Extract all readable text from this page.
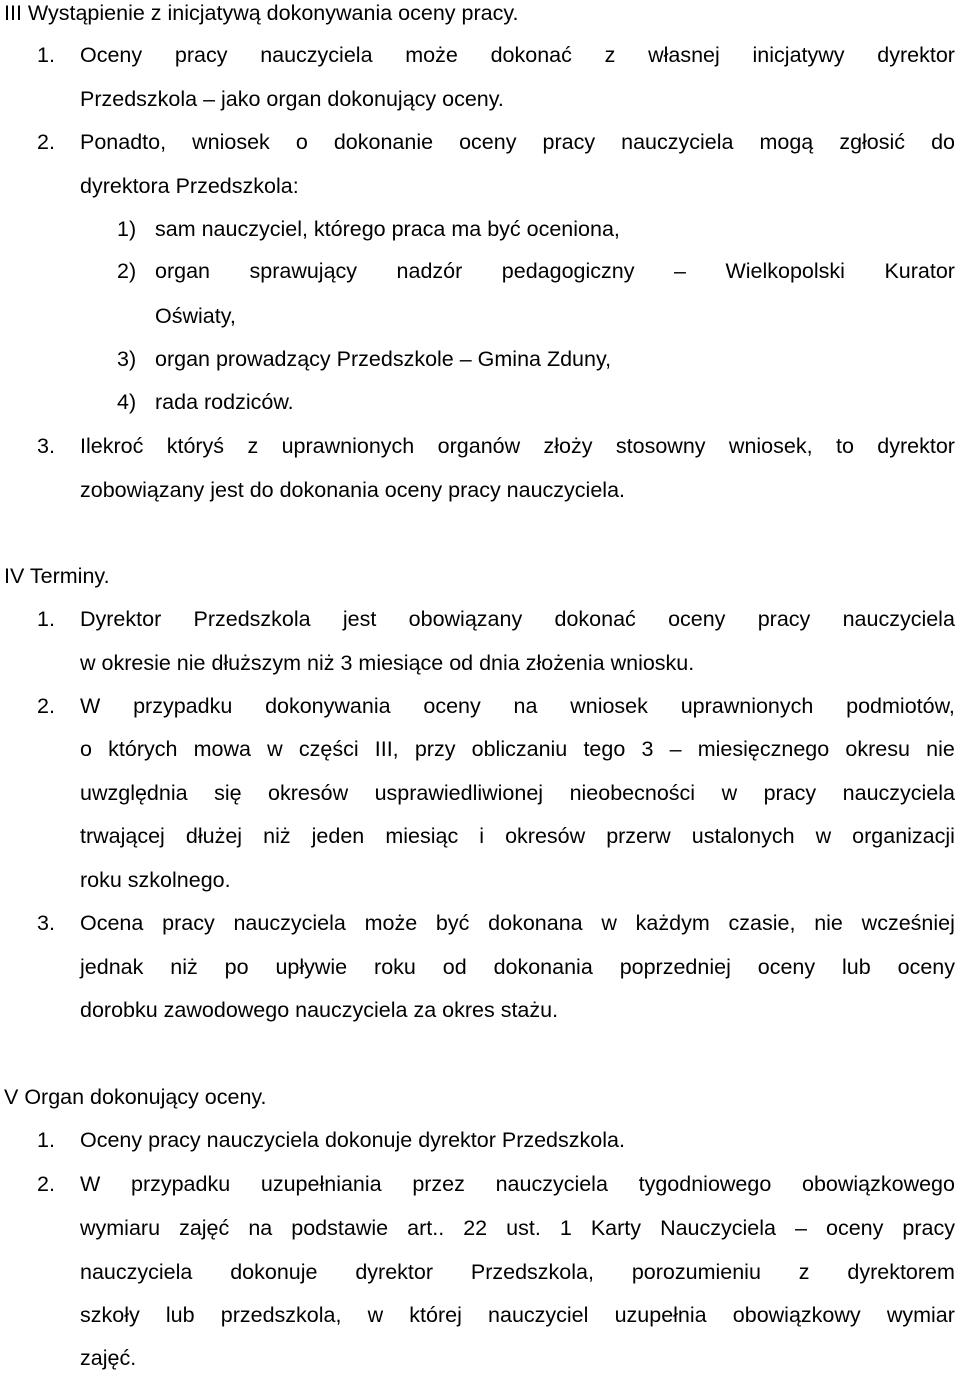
III Wystąpienie z inicjatywą dokonywania oceny pracy.
1. Oceny pracy nauczyciela może dokonać z własnej inicjatywy dyrektor
Przedszkola – jako organ dokonujący oceny.
2. Ponadto, wniosek o dokonanie oceny pracy nauczyciela mogą zgłosić do
dyrektora Przedszkola:
1) sam nauczyciel, którego praca ma być oceniona,
2) organ sprawujący nadzór pedagogiczny – Wielkopolski Kurator
Oświaty,
3) organ prowadzący Przedszkole – Gmina Zduny,
4) rada rodziców.
3. Ilekroć któryś z uprawnionych organów złoży stosowny wniosek, to dyrektor
zobowiązany jest do dokonania oceny pracy nauczyciela.
IV Terminy.
1. Dyrektor Przedszkola jest obowiązany dokonać oceny pracy nauczyciela
w okresie nie dłuższym niż 3 miesiące od dnia złożenia wniosku.
2. W przypadku dokonywania oceny na wniosek uprawnionych podmiotów,
o których mowa w części III, przy obliczaniu tego 3 – miesięcznego okresu nie
uwzględnia się okresów usprawiedliwionej nieobecności w pracy nauczyciela
trwającej dłużej niż jeden miesiąc i okresów przerw ustalonych w organizacji
roku szkolnego.
3. Ocena pracy nauczyciela może być dokonana w każdym czasie, nie wcześniej
jednak niż po upływie roku od dokonania poprzedniej oceny lub oceny
dorobku zawodowego nauczyciela za okres stażu.
V Organ dokonujący oceny.
1. Oceny pracy nauczyciela dokonuje dyrektor Przedszkola.
2. W przypadku uzupełniania przez nauczyciela tygodniowego obowiązkowego
wymiaru zajęć na podstawie art.. 22 ust. 1 Karty Nauczyciela – oceny pracy
nauczyciela dokonuje dyrektor Przedszkola, porozumieniu z dyrektorem
szkoły lub przedszkola, w której nauczyciel uzupełnia obowiązkowy wymiar
zajęć.
